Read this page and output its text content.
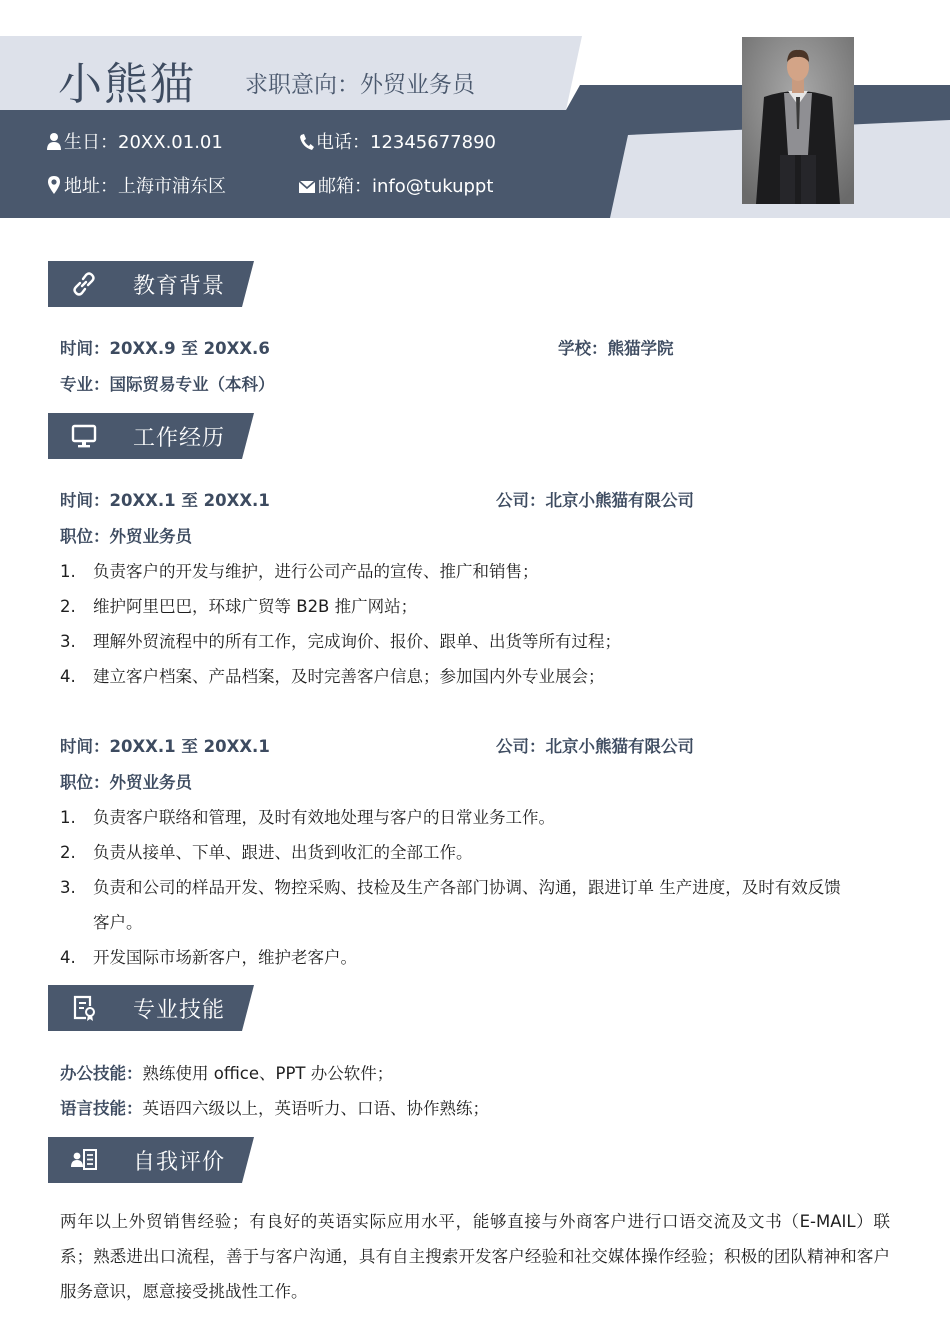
小熊猫 求职意向：外贸业务员
生日：20XX.01.01	电话：12345677890
地址：上海市浦东区	邮箱：info@tukuppt
教育背景
时间：20XX.9 至 20XX.6	学校：熊猫学院
专业：国际贸易专业（本科）
工作经历
时间：20XX.1 至 20XX.1	公司：北京小熊猫有限公司
职位：外贸业务员
1. 负责客户的开发与维护，进行公司产品的宣传、推广和销售；
2. 维护阿里巴巴，环球广贸等 B2B 推广网站；
3. 理解外贸流程中的所有工作，完成询价、报价、跟单、出货等所有过程；
4. 建立客户档案、产品档案，及时完善客户信息；参加国内外专业展会；
时间：20XX.1 至 20XX.1	公司：北京小熊猫有限公司
职位：外贸业务员
1. 负责客户联络和管理，及时有效地处理与客户的日常业务工作。
2. 负责从接单、下单、跟进、出货到收汇的全部工作。
3. 负责和公司的样品开发、物控采购、技检及生产各部门协调、沟通，跟进订单 生产进度，及时有效反馈
客户。
4. 开发国际市场新客户，维护老客户。
专业技能
办公技能：熟练使用 office、PPT 办公软件；
语言技能：英语四六级以上，英语听力、口语、协作熟练；
自我评价
两年以上外贸销售经验；有良好的英语实际应用水平，能够直接与外商客户进行口语交流及文书（E-MAIL）联系；熟悉进出口流程，善于与客户沟通，具有自主搜索开发客户经验和社交媒体操作经验；积极的团队精神和客户服务意识，愿意接受挑战性工作。
